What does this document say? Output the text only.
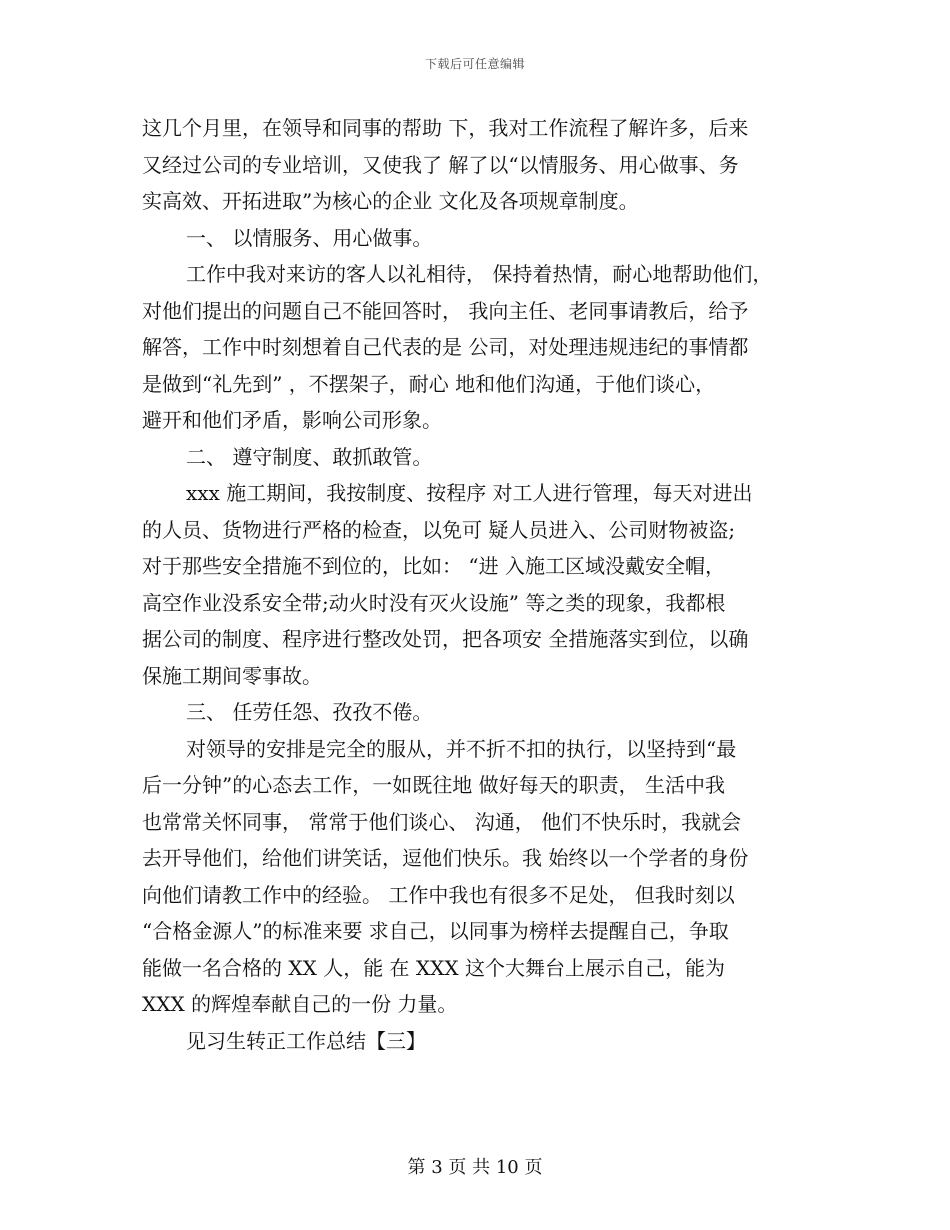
下载后可任意编辑
这几个月里，在领导和同事的帮助 下，我对工作流程了解许多，后来
又经过公司的专业培训，又使我了 解了以“以情服务、用心做事、务
实高效、开拓进取”为核心的企业 文化及各项规章制度。
一、 以情服务、用心做事。
工作中我对来访的客人以礼相待， 保持着热情，耐心地帮助他们，
对他们提出的问题自己不能回答时， 我向主任、老同事请教后，给予
解答，工作中时刻想着自己代表的是 公司，对处理违规违纪的事情都
是做到“礼先到” ，不摆架子，耐心 地和他们沟通，于他们谈心，
避开和他们矛盾，影响公司形象。
二、 遵守制度、敢抓敢管。
xxx 施工期间，我按制度、按程序 对工人进行管理，每天对进出
的人员、货物进行严格的检查，以免可 疑人员进入、公司财物被盗;
对于那些安全措施不到位的，比如： “进 入施工区域没戴安全帽，
高空作业没系安全带;动火时没有灭火设施” 等之类的现象，我都根
据公司的制度、程序进行整改处罚，把各项安 全措施落实到位，以确
保施工期间零事故。
三、 任劳任怨、孜孜不倦。
对领导的安排是完全的服从，并不折不扣的执行，以坚持到“最
后一分钟”的心态去工作，一如既往地 做好每天的职责， 生活中我
也常常关怀同事， 常常于他们谈心、 沟通， 他们不快乐时，我就会
去开导他们，给他们讲笑话，逗他们快乐。我 始终以一个学者的身份
向他们请教工作中的经验。 工作中我也有很多不足处， 但我时刻以
“合格金源人”的标准来要 求自己，以同事为榜样去提醒自己，争取
能做一名合格的 XX 人，能 在 XXX 这个大舞台上展示自己，能为
XXX 的辉煌奉献自己的一份 力量。
见习生转正工作总结【三】
第 3 页 共 10 页
